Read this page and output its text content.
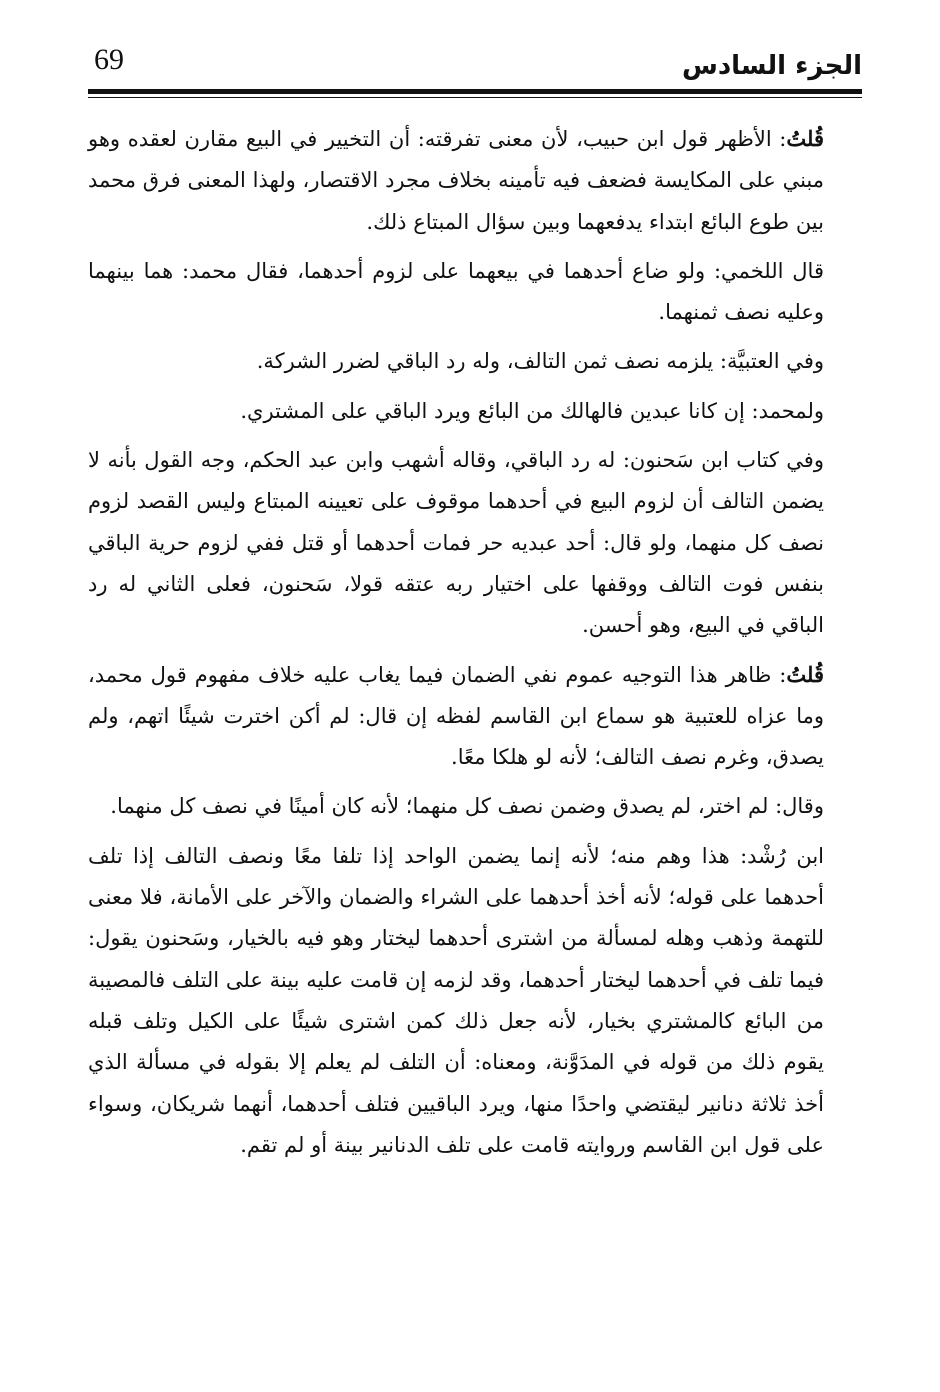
69	الجزء السادس

قُلتُ: الأظهر قول ابن حبيب، لأن معنى تفرقته: أن التخيير في البيع مقارن لعقده وهو مبني على المكايسة فضعف فيه تأمينه بخلاف مجرد الاقتصار، ولهذا المعنى فرق محمد بين طوع البائع ابتداء يدفعهما وبين سؤال المبتاع ذلك.

قال اللخمي: ولو ضاع أحدهما في بيعهما على لزوم أحدهما، فقال محمد: هما بينهما وعليه نصف ثمنهما.

وفي العتبيَّة: يلزمه نصف ثمن التالف، وله رد الباقي لضرر الشركة.

ولمحمد: إن كانا عبدين فالهالك من البائع ويرد الباقي على المشتري.

وفي كتاب ابن سَحنون: له رد الباقي، وقاله أشهب وابن عبد الحكم، وجه القول بأنه لا يضمن التالف أن لزوم البيع في أحدهما موقوف على تعيينه المبتاع وليس القصد لزوم نصف كل منهما، ولو قال: أحد عبديه حر فمات أحدهما أو قتل ففي لزوم حرية الباقي بنفس فوت التالف ووقفها على اختيار ربه عتقه قولا، سَحنون، فعلى الثاني له رد الباقي في البيع، وهو أحسن.

قُلتُ: ظاهر هذا التوجيه عموم نفي الضمان فيما يغاب عليه خلاف مفهوم قول محمد، وما عزاه للعتبية هو سماع ابن القاسم لفظه إن قال: لم أكن اخترت شيئًا اتهم، ولم يصدق، وغرم نصف التالف؛ لأنه لو هلكا معًا.

وقال: لم اختر، لم يصدق وضمن نصف كل منهما؛ لأنه كان أمينًا في نصف كل منهما.

ابن رُشْد: هذا وهم منه؛ لأنه إنما يضمن الواحد إذا تلفا معًا ونصف التالف إذا تلف أحدهما على قوله؛ لأنه أخذ أحدهما على الشراء والضمان والآخر على الأمانة، فلا معنى للتهمة وذهب وهله لمسألة من اشترى أحدهما ليختار وهو فيه بالخيار، وسَحنون يقول: فيما تلف في أحدهما ليختار أحدهما، وقد لزمه إن قامت عليه بينة على التلف فالمصيبة من البائع كالمشتري بخيار، لأنه جعل ذلك كمن اشترى شيئًا على الكيل وتلف قبله يقوم ذلك من قوله في المدَوَّنة، ومعناه: أن التلف لم يعلم إلا بقوله في مسألة الذي أخذ ثلاثة دنانير ليقتضي واحدًا منها، ويرد الباقيين فتلف أحدهما، أنهما شريكان، وسواء على قول ابن القاسم وروايته قامت على تلف الدنانير بينة أو لم تقم.
